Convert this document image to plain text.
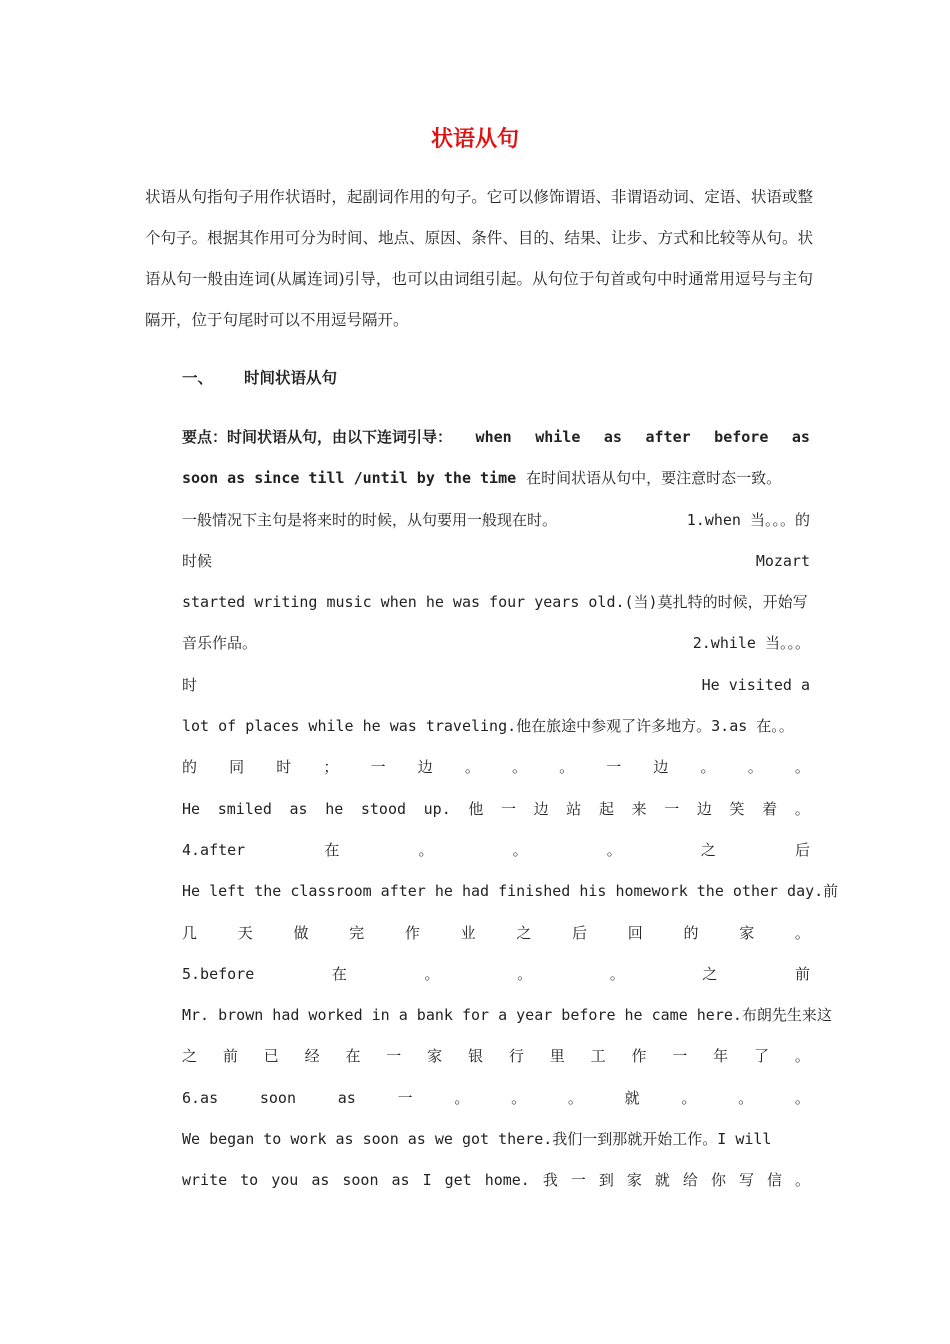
状语从句

状语从句指句子用作状语时，起副词作用的句子。它可以修饰谓语、非谓语动词、定语、状语或整个句子。根据其作用可分为时间、地点、原因、条件、目的、结果、让步、方式和比较等从句。状语从句一般由连词(从属连词)引导，也可以由词组引起。从句位于句首或句中时通常用逗号与主句隔开，位于句尾时可以不用逗号隔开。

一、 时间状语从句
要点：时间状语从句，由以下连词引导： when while as after before as
soon as since till /until by the time 在时间状语从句中，要注意时态一致。
一般情况下主句是将来时的时候，从句要用一般现在时。	1.when 当。。。的
时候	Mozart
started writing music when he was four years old.(当)莫扎特的时候，开始写
音乐作品。	2.while 当。。。
时	He visited a
lot of places while he was traveling.他在旅途中参观了许多地方。3.as 在。。
的 同 时 ； 一 边 。 。 。 一 边 。 。 。
He smiled as he stood up. 他 一 边 站 起 来 一 边 笑 着 。
4.after	在	。	。	。	之	后
He left the classroom after he had finished his homework the other day.前
几	天	做	完	作	业	之	后	回	的	家	。
5.before	在	。	。	。	之	前
Mr. brown had worked in a bank for a year before he came here.布朗先生来这
之 前 已 经 在 一 家 银 行 里 工 作 一 年 了 。
6.as	soon	as	一	。	。	。	就	。	。	。
We began to work as soon as we got there.我们一到那就开始工作。I will
write to you as soon as I get home. 我 一 到 家 就 给 你 写 信 。
